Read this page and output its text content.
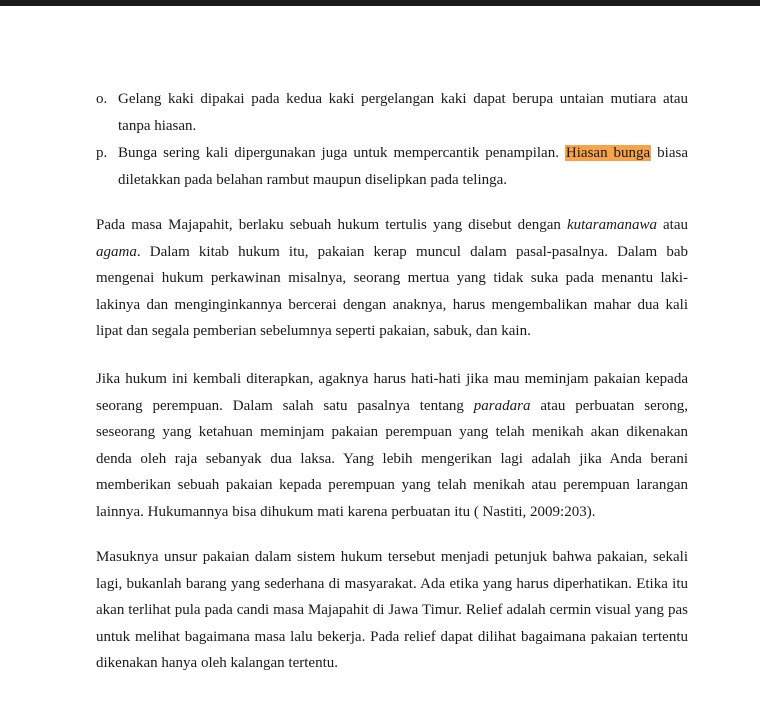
o. Gelang kaki dipakai pada kedua kaki pergelangan kaki dapat berupa untaian mutiara atau tanpa hiasan.
p. Bunga sering kali dipergunakan juga untuk mempercantik penampilan. Hiasan bunga biasa diletakkan pada belahan rambut maupun diselipkan pada telinga.
Pada masa Majapahit, berlaku sebuah hukum tertulis yang disebut dengan kutaramanawa atau agama. Dalam kitab hukum itu, pakaian kerap muncul dalam pasal-pasalnya. Dalam bab mengenai hukum perkawinan misalnya, seorang mertua yang tidak suka pada menantu laki-lakinya dan menginginkannya bercerai dengan anaknya, harus mengembalikan mahar dua kali lipat dan segala pemberian sebelumnya seperti pakaian, sabuk, dan kain.
Jika hukum ini kembali diterapkan, agaknya harus hati-hati jika mau meminjam pakaian kepada seorang perempuan. Dalam salah satu pasalnya tentang paradara atau perbuatan serong, seseorang yang ketahuan meminjam pakaian perempuan yang telah menikah akan dikenakan denda oleh raja sebanyak dua laksa. Yang lebih mengerikan lagi adalah jika Anda berani memberikan sebuah pakaian kepada perempuan yang telah menikah atau perempuan larangan lainnya. Hukumannya bisa dihukum mati karena perbuatan itu ( Nastiti, 2009:203).
Masuknya unsur pakaian dalam sistem hukum tersebut menjadi petunjuk bahwa pakaian, sekali lagi, bukanlah barang yang sederhana di masyarakat. Ada etika yang harus diperhatikan. Etika itu akan terlihat pula pada candi masa Majapahit di Jawa Timur. Relief adalah cermin visual yang pas untuk melihat bagaimana masa lalu bekerja. Pada relief dapat dilihat bagaimana pakaian tertentu dikenakan hanya oleh kalangan tertentu.
